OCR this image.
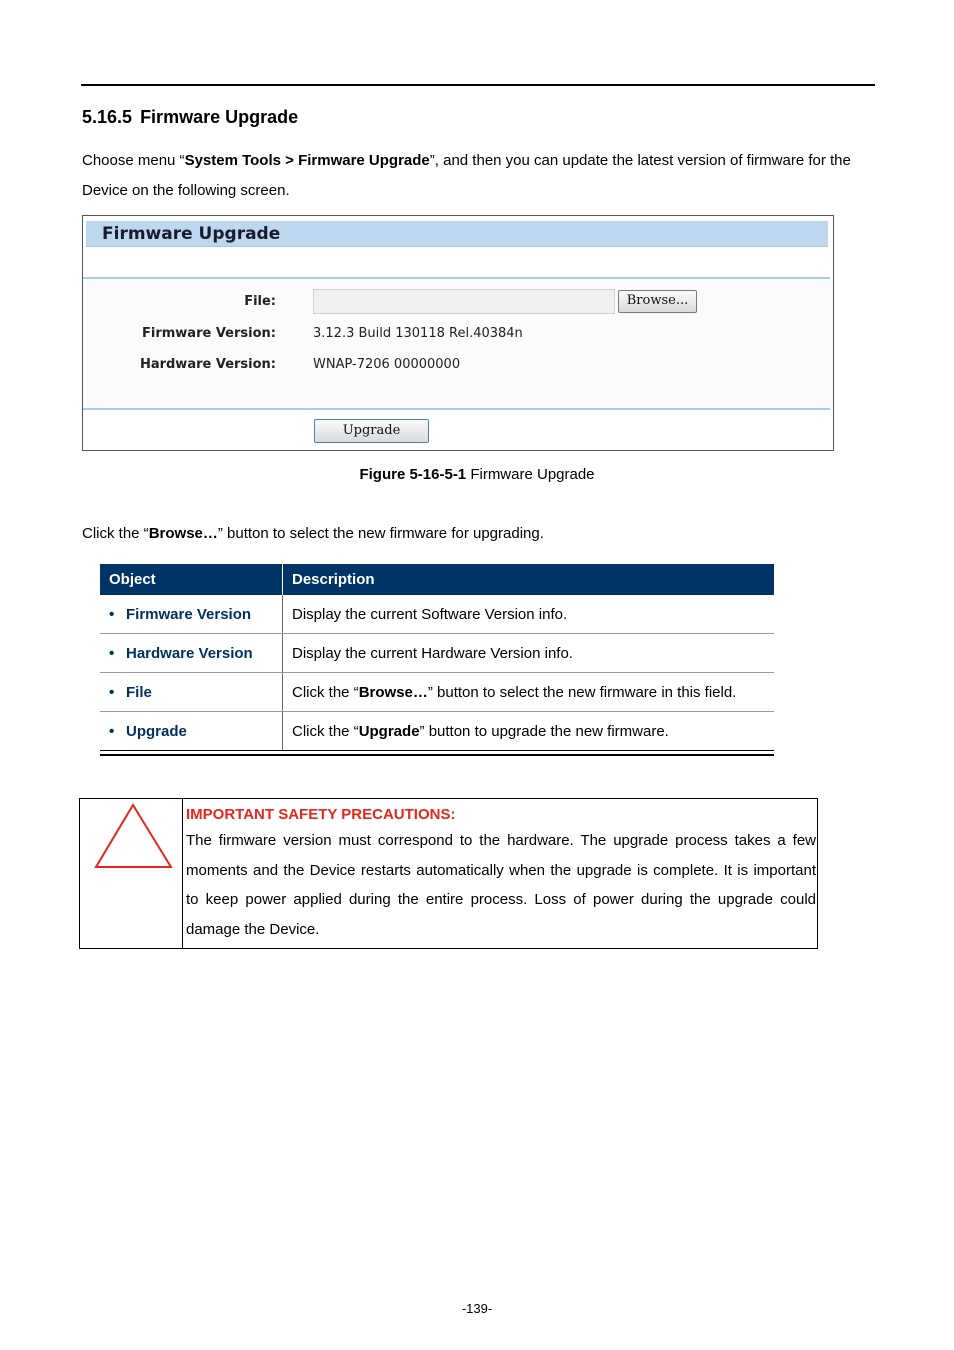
5.16.5 Firmware Upgrade
Choose menu “System Tools > Firmware Upgrade”, and then you can update the latest version of firmware for the Device on the following screen.
Firmware Upgrade
File:	Browse...
Firmware Version:	3.12.3 Build 130118 Rel.40384n
Hardware Version:	WNAP-7206 00000000
Upgrade
Figure 5-16-5-1 Firmware Upgrade
Click the “Browse…” button to select the new firmware for upgrading.
Object	Description
• Firmware Version	Display the current Software Version info.
• Hardware Version	Display the current Hardware Version info.
• File	Click the “Browse…” button to select the new firmware in this field.
• Upgrade	Click the “Upgrade” button to upgrade the new firmware.
IMPORTANT SAFETY PRECAUTIONS:
The firmware version must correspond to the hardware. The upgrade process takes a few moments and the Device restarts automatically when the upgrade is complete. It is important to keep power applied during the entire process. Loss of power during the upgrade could damage the Device.
-139-
